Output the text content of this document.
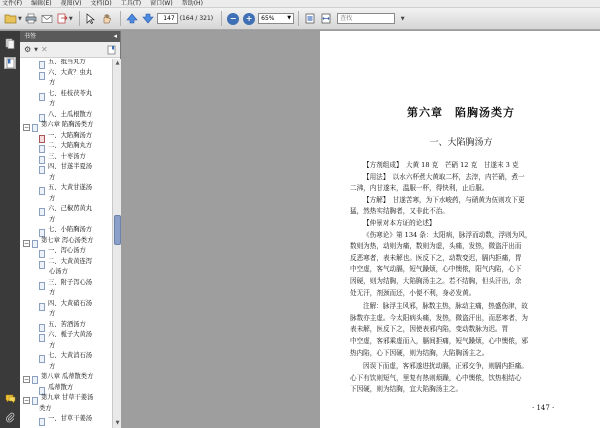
文件(F) 编辑(E) 视图(V) 文档(D) 工具(T) 窗口(W) 帮助(H)
▼	▼	147 (164 / 321)	−	+	65%	▼
查找	▼
书签	◂
⚙ ▼ ✕
五、抵当丸方
六、大黄？虫丸
方
七、桂枝茯苓丸
方
八、土瓜根散方
− 第六章 陷胸汤类方
一、大陷胸汤方
二、大陷胸丸方
三、十枣汤方
四、甘遂半夏汤
方
五、大黄甘遂汤
方
六、己椒苈黄丸
方
七、小陷胸汤方
− 第七章 泻心汤类方
一、泻心汤方
二、大黄黄连泻
心汤方
三、附子泻心汤
方
四、大黄硝石汤
方
五、苦酒汤方
六、栀子大黄汤
方
七、大黄消石汤
方
− 第八章 瓜蒂散类方
瓜蒂散方
− 第九章 甘草干姜汤
类方
一、甘草干姜汤
▲
▼
第六章　陷胸汤类方
一、大陷胸汤方
· 147 ·
【方剂组成】　大黄 18 克　芒硝 12 克　甘遂末 3 克
【用法】　以水六杯煮大黄取二杯，去滓，内芒硝，煮一
二沸，内甘遂末，温服一杯，得快利，止后服。
【方解】　甘遂苦寒，为下水峻药，与硝黄为伍则攻下更
猛，然热实结胸者，又非此不治。
【仲景对本方证的论述】
《伤寒论》第 134 条：太阳病，脉浮而动数，浮则为风，
数则为热，动则为痛，数则为虚，头痛，发热，微盗汗出而
反恶寒者，表未解也。医反下之，动数变迟，膈内拒痛，胃
中空虚，客气动膈，短气躁烦，心中懊侬，阳气内陷，心下
因硬，则为结胸，大陷胸汤主之。若不结胸，但头汗出，余
处无汗，剂颈而还，小便不利，身必发黄。
注解：脉浮主风邪，脉数主热，脉动主痛，热盛伤津，故
脉数亦主虚。今太阳病头痛，发热，微盗汗出，而恶寒者，为
表未解，医反下之，因使表邪内陷，变动数脉为迟。胃
中空虚，客邪乘虚而入，膈间拒痛，短气躁烦，心中懊侬，邪
热内陷，心下因硬，则为结胸，大陷胸汤主之。
因误下而虚，客邪遂进扰动膈，正邪交争，则膈内拒痛。
心下有饮则短气，里复有热则烦躁，心中懊侬，饮热相结心
下因硬，则为结胸，宜大陷胸汤主之。
